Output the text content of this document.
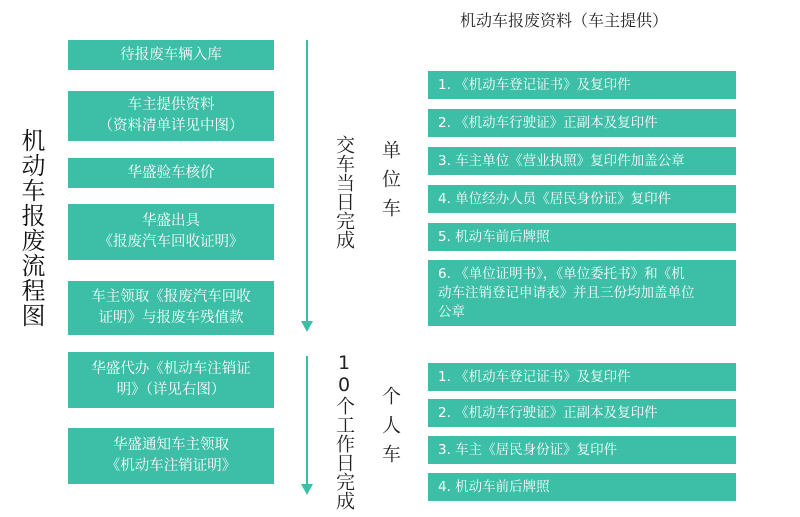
机动车报废流程图
待报废车辆入库
车主提供资料
（资料清单详见中图）
华盛验车核价
华盛出具
《报废汽车回收证明》
车主领取《报废汽车回收
证明》与报废车残值款
华盛代办《机动车注销证
明》（详见右图）
华盛通知车主领取
《机动车注销证明》
交车当日完成
10个工作日完成
单位车
个人车
机动车报废资料（车主提供）
1. 《机动车登记证书》及复印件
2. 《机动车行驶证》正副本及复印件
3. 车主单位《营业执照》复印件加盖公章
4. 单位经办人员《居民身份证》复印件
5. 机动车前后牌照
6. 《单位证明书》，《单位委托书》和《机
动车注销登记申请表》并且三份均加盖单位
公章
1. 《机动车登记证书》及复印件
2. 《机动车行驶证》正副本及复印件
3. 车主《居民身份证》复印件
4. 机动车前后牌照
